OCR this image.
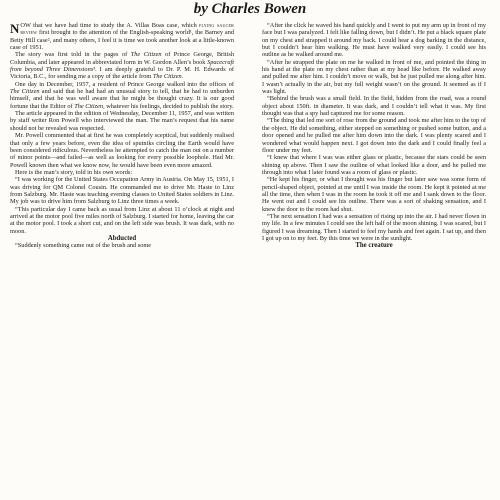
by Charles Bowen

NOW that we have had time to study the A. Villas Boas case, which flying saucer review first brought to the attention of the English-speaking world¹, the Barney and Betty Hill case², and many others, I feel it is time we took another look at a little-known case of 1951.

The story was first told in the pages of The Citizen of Prince George, British Columbia, and later appeared in abbreviated form in W. Gordon Allen’s book Spacecraft from beyond Three Dimensions³. I am deeply grateful to Dr. P. M. H. Edwards of Victoria, B.C., for sending me a copy of the article from The Citizen.

One day in December, 1957, a resident of Prince George walked into the offices of The Citizen and said that he had had an unusual story to tell, that he had to unburden himself, and that he was well aware that he might be thought crazy. It is our good fortune that the Editor of The Citizen, whatever his feelings, decided to publish the story.

The article appeared in the edition of Wednesday, December 11, 1957, and was written by staff writer Ron Powell who interviewed the man. The man’s request that his name should not be revealed was respected.

Mr. Powell commented that at first he was completely sceptical, but suddenly realised that only a few years before, even the idea of sputniks circling the Earth would have been considered ridiculous. Nevertheless he attempted to catch the man out on a number of minor points—and failed—as well as looking for every possible loophole. Had Mr. Powell known then what we know now, he would have been even more amazed.

Here is the man’s story, told in his own words:

“I was working for the United States Occupation Army in Austria. On May 15, 1951, I was driving for QM Colonel Cousin. He commanded me to drive Mr. Haste to Linz from Salzburg. Mr. Haste was teaching evening classes to United States soldiers in Linz. My job was to drive him from Salzburg to Linz three times a week.

“This particular day I came back as usual from Linz at about 11 o’clock at night and arrived at the motor pool five miles north of Salzburg. I started for home, leaving the car at the motor pool. I took a short cut, and on the left side was brush. It was dark, with no moon.

Abducted

“Suddenly something came out of the brush and some

“After the click he waved his hand quickly and I went to put my arm up in front of my face but I was paralyzed. I felt like falling down, but I didn’t. He put a black square plate on my chest and strapped it around my back. I could hear a dog barking in the distance, but I couldn’t hear him walking. He must have walked very easily. I could see his outline as he walked around me.

“After he strapped the plate on me he walked in front of me, and pointed the thing in his hand at the plate on my chest rather than at my head like before. He walked away and pulled me after him. I couldn’t move or walk, but he just pulled me along after him. I wasn’t actually in the air, but my full weight wasn’t on the ground. It seemed as if I was light.

“Behind the brush was a small field. In the field, hidden from the road, was a round object about 150ft. in diameter. It was dark, and I couldn’t tell what it was. My first thought was that a spy had captured me for some reason.

“The thing that led me sort of rose from the ground and took me after him to the top of the object. He did something, either stepped on something or pushed some button, and a door opened and he pulled me after him down into the dark. I was plenty scared and I wondered what would happen next. I got down into the dark and I could finally feel a floor under my feet.

“I knew that where I was was either glass or plastic, because the stars could be seen shining up above. Then I saw the outline of what looked like a door, and he pulled me through into what I later found was a room of glass or plastic.

“He kept his finger, or what I thought was his finger but later saw was some form of pencil-shaped object, pointed at me until I was inside the room. He kept it pointed at me all the time, then when I was in the room he took it off me and I sank down to the floor. He went out and I could see his outline. There was a sort of shaking sensation, and I knew the door to the room had shut.

“The next sensation I had was a sensation of rising up into the air. I had never flown in my life. In a few minutes I could see the left half of the moon shining. I was scared, but I figured I was dreaming. Then I started to feel my hands and feet again. I sat up, and then I got up on to my feet. By this time we were in the sunlight.

The creature
